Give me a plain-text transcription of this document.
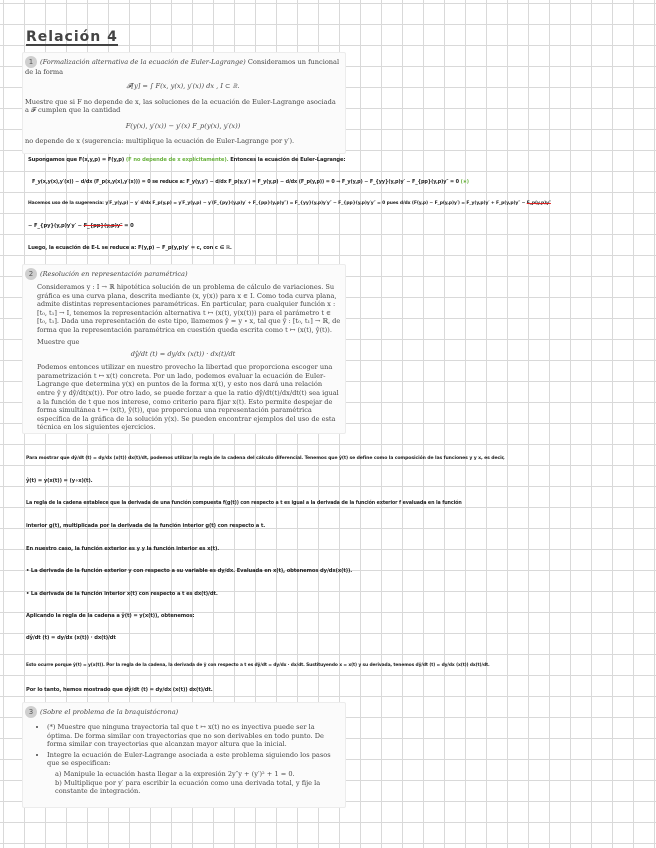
Relación 4

1 (Formalización alternativa de la ecuación de Euler-Lagrange) Consideramos un funcional de la forma

𝓕[y] = ∫ F(x, y(x), y′(x)) dx , I ⊂ ℝ.

Muestre que si F no depende de x, las soluciones de la ecuación de Euler-Lagrange asociada a 𝓕 cumplen que la cantidad

F(y(x), y′(x)) − y′(x) F_p(y(x), y′(x))

no depende de x (sugerencia: multiplique la ecuación de Euler-Lagrange por y′).

Supongamos que F(x,y,p) = F(y,p) (F no depende de x explícitamente). Entonces la ecuación de Euler-Lagrange:
F_y(x,y(x),y′(x)) − d/dx (F_p(x,y(x),y′(x))) = 0 se reduce a: F_y(y,y′) − d/dx F_p(y,y′) = F_y(y,p) − d/dx (F_p(y,p)) = 0 ⇒ F_y(y,p) − F_{yy}(y,p)y′ − F_{pp}(y,p)y″ = 0 (∗)
Hacemos uso de la sugerencia: y′F_y(y,p) − y′ d/dx F_p(y,p) = y′F_y(y,p) − y′(F_{py}(y,p)y′ + F_{pp}(y,p)y″) = F_{yy}(y,p)y′y″ − F_{pp}(y,p)y′y″ = 0 pues d/dx (F(y,p) − F_p(y,p)y′) = F_y(y,p)y′ + F_p(y,p)y″ − F_p(y,p)y″
− F_{py}(y,p)y′y′ − F_{pp}(y,p)y″ = 0
Luego, la ecuación de E-L se reduce a: F(y,p) − F_p(y,p)y′ = c, con c ∈ ℝ.

2 (Resolución en representación paramétrica)

Consideramos y : I → ℝ hipotética solución de un problema de cálculo de variaciones. Su gráfica es una curva plana, descrita mediante (x, y(x)) para x ∈ I. Como toda curva plana, admite distintas representaciones paramétricas. En particular, para cualquier función x : [t₀, t₁] → I, tenemos la representación alternativa t ↦ (x(t), y(x(t))) para el parámetro t ∈ [t₀, t₁]. Dada una representación de este tipo, llamemos ŷ = y ∘ x, tal que ŷ : [t₀, t₁] → ℝ, de forma que la representación paramétrica en cuestión queda escrita como t ↦ (x(t), ŷ(t)).

Muestre que

dŷ/dt (t) = dy/dx (x(t)) · dx(t)/dt

Podemos entonces utilizar en nuestro provecho la libertad que proporciona escoger una parametrización t ↦ x(t) concreta. Por un lado, podemos evaluar la ecuación de Euler-Lagrange que determina y(x) en puntos de la forma x(t), y esto nos dará una relación entre ŷ y dŷ/dt(x(t)). Por otro lado, se puede forzar a que la ratio dŷ/dt(t)/dx/dt(t) sea igual a la función de t que nos interese, como criterio para fijar x(t). Esto permite despejar de forma simultánea t ↦ (x(t), ŷ(t)), que proporciona una representación paramétrica específica de la gráfica de la solución y(x). Se pueden encontrar ejemplos del uso de esta técnica en los siguientes ejercicios.

Para mostrar que dŷ/dt (t) = dy/dx (x(t)) dx(t)/dt, podemos utilizar la regla de la cadena del cálculo diferencial. Tenemos que ŷ(t) se define como la composición de las funciones y y x, es decir,
ŷ(t) = y(x(t)) = (y∘x)(t).
La regla de la cadena establece que la derivada de una función compuesta f(g(t)) con respecto a t es igual a la derivada de la función exterior f evaluada en la función
interior g(t), multiplicada por la derivada de la función interior g(t) con respecto a t.
En nuestro caso, la función exterior es y y la función interior es x(t).
• La derivada de la función exterior y con respecto a su variable es dy/dx. Evaluada en x(t), obtenemos dy/dx(x(t)).
• La derivada de la función interior x(t) con respecto a t es dx(t)/dt.
Aplicando la regla de la cadena a ŷ(t) = y(x(t)), obtenemos:
dŷ/dt (t) = dy/dx (x(t)) · dx(t)/dt
Esto ocurre porque ŷ(t) = y(x(t)). Por la regla de la cadena, la derivada de ŷ con respecto a t es dŷ/dt = dy/dx · dx/dt. Sustituyendo x = x(t) y su derivada, tenemos dŷ/dt (t) = dy/dx (x(t)) dx(t)/dt.
Por lo tanto, hemos mostrado que dŷ/dt (t) = dy/dx (x(t)) dx(t)/dt.

3 (Sobre el problema de la braquistócrona)

• (*) Muestre que ninguna trayectoria tal que t ↦ x(t) no es inyectiva puede ser la óptima. De forma similar con trayectorias que no son derivables en todo punto. De forma similar con trayectorias que alcanzan mayor altura que la inicial.
• Integre la ecuación de Euler-Lagrange asociada a este problema siguiendo los pasos que se especifican:
a) Manipule la ecuación hasta llegar a la expresión 2y″y + (y′)² + 1 = 0.
b) Multiplique por y′ para escribir la ecuación como una derivada total, y fije la constante de integración.
